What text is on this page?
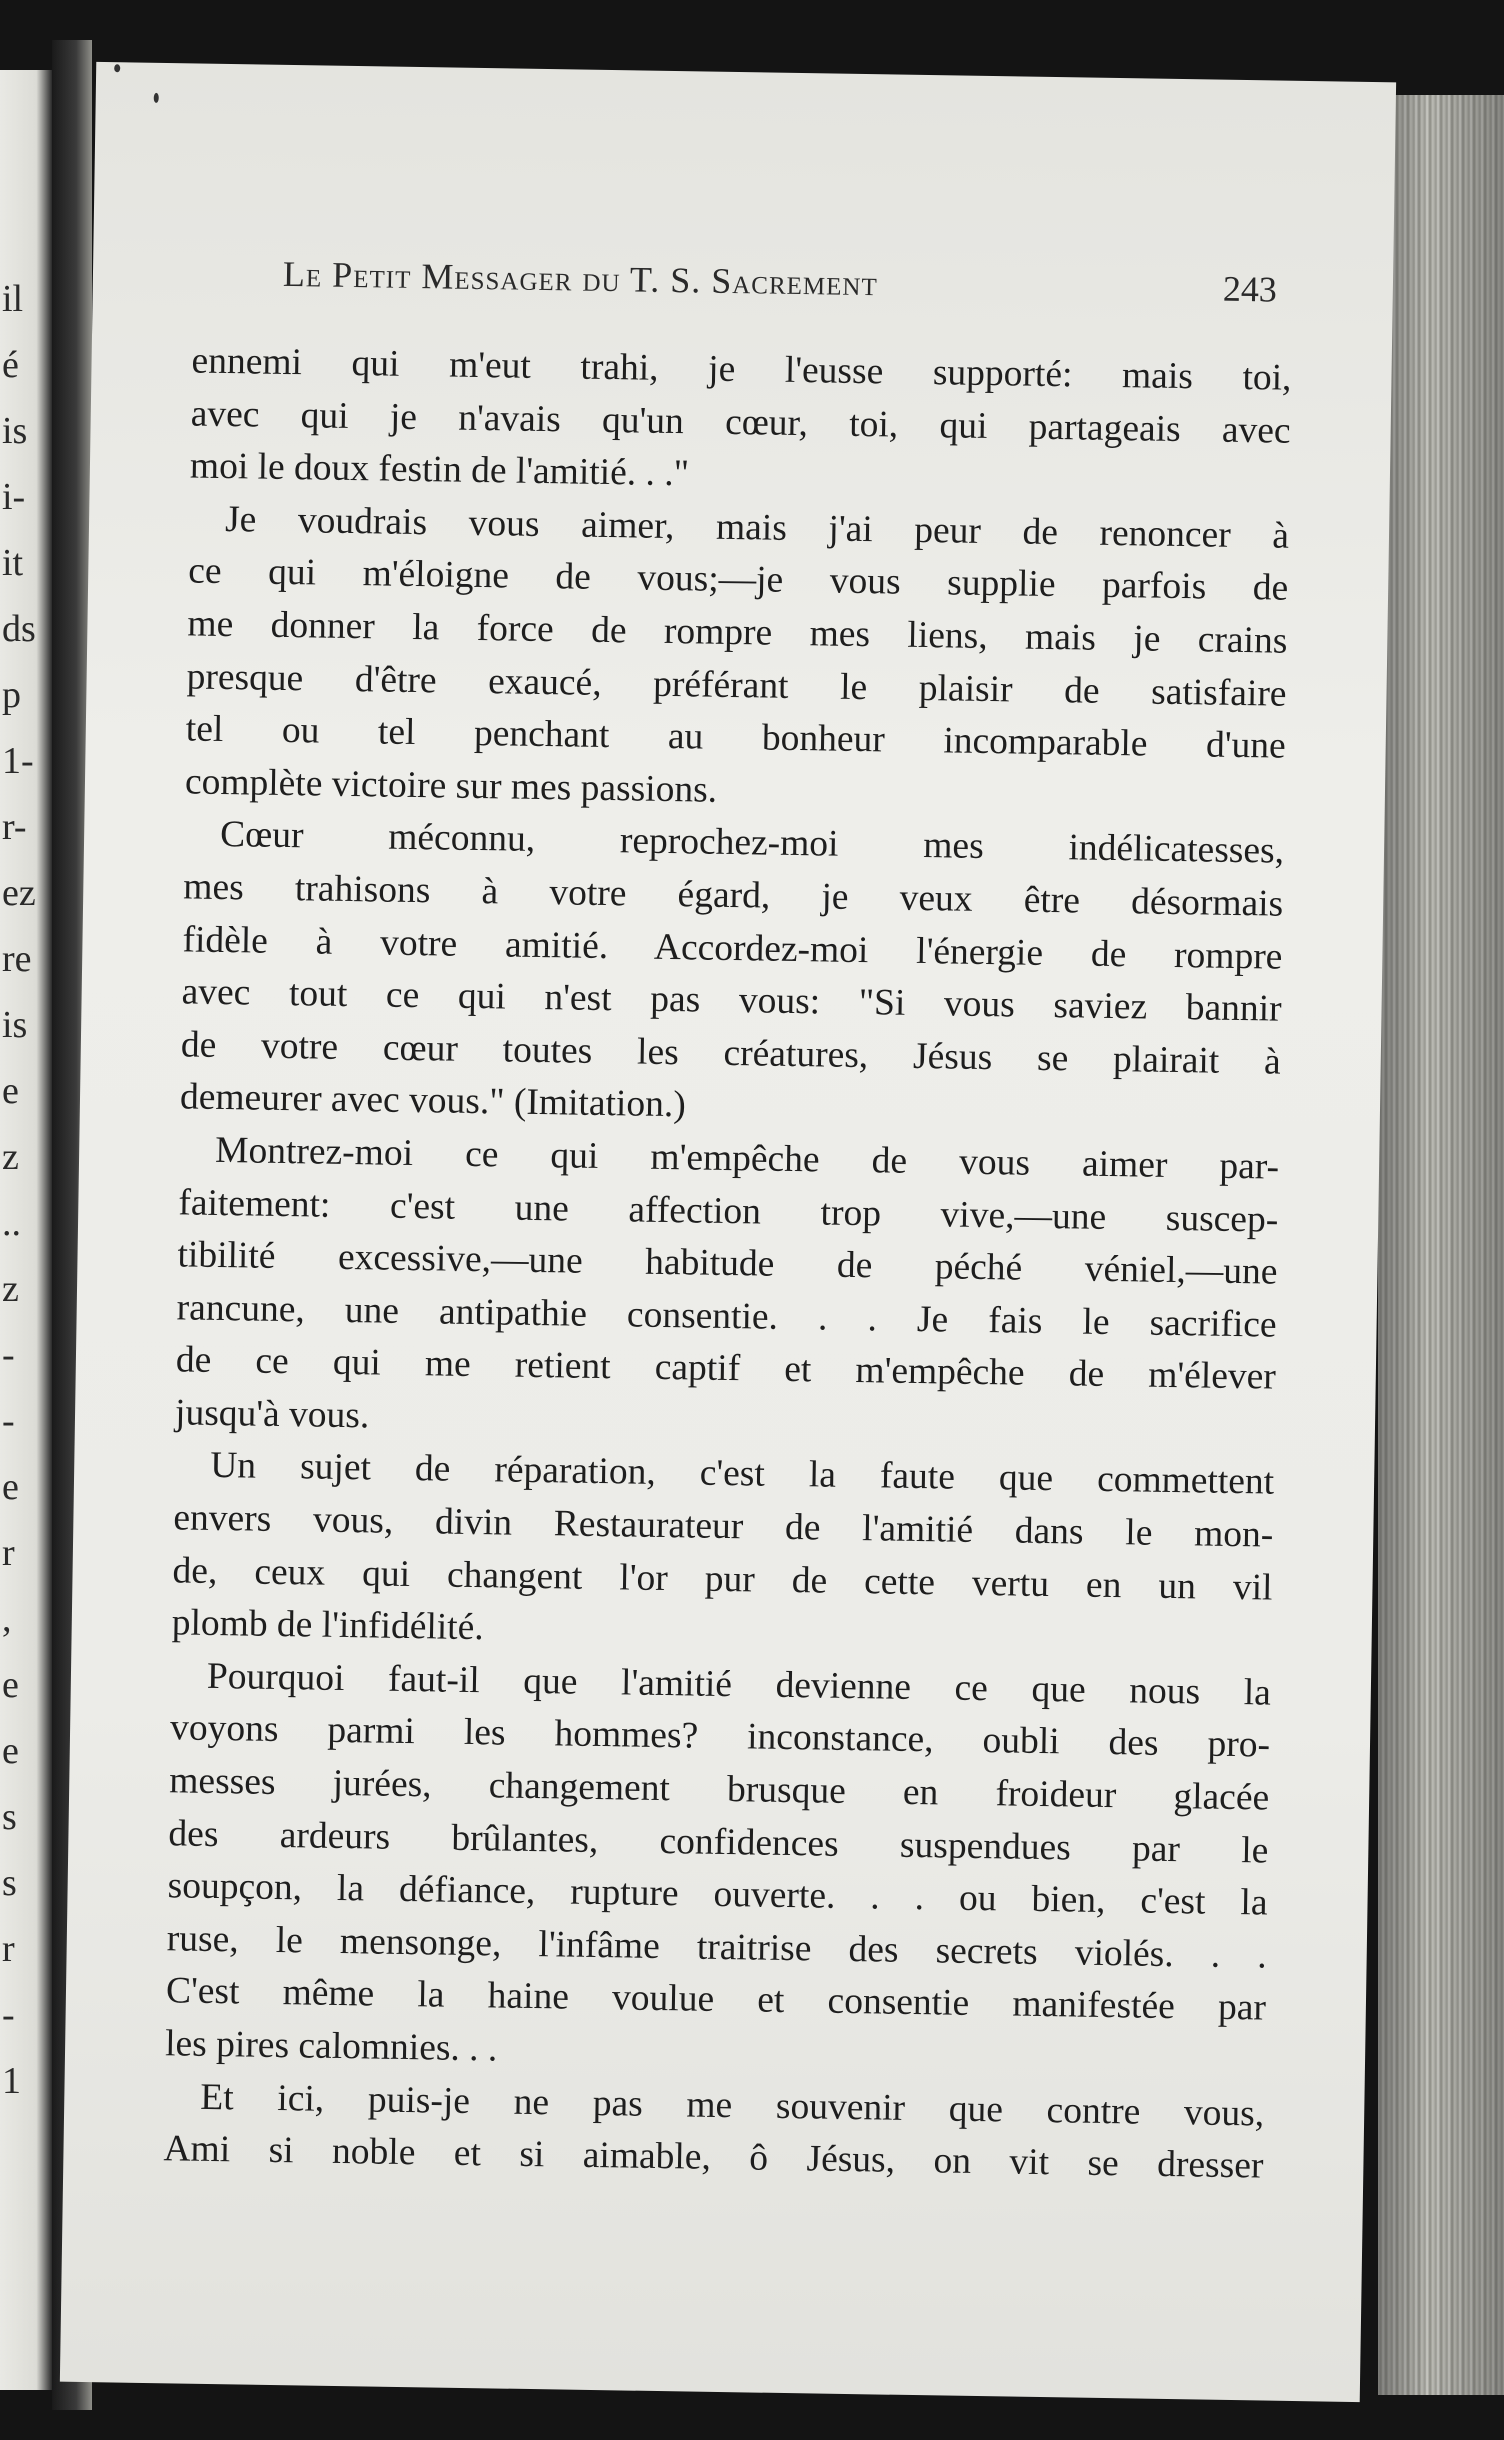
il
é
is
i-
it
ds
p
1-
r-
ez
re
is
e
z
..
z
-
-
e
r
,
e
e
s
s
r
-
1
Le Petit Messager du T. S. Sacrement	243
ennemi qui m'eut trahi, je l'eusse supporté: mais toi,
avec qui je n'avais qu'un cœur, toi, qui partageais avec
moi le doux festin de l'amitié. . ."
Je voudrais vous aimer, mais j'ai peur de renoncer à
ce qui m'éloigne de vous;—je vous supplie parfois de
me donner la force de rompre mes liens, mais je crains
presque d'être exaucé, préférant le plaisir de satisfaire
tel ou tel penchant au bonheur incomparable d'une
complète victoire sur mes passions.
Cœur méconnu, reprochez-moi mes indélicatesses,
mes trahisons à votre égard, je veux être désormais
fidèle à votre amitié. Accordez-moi l'énergie de rompre
avec tout ce qui n'est pas vous: "Si vous saviez bannir
de votre cœur toutes les créatures, Jésus se plairait à
demeurer avec vous." (Imitation.)
Montrez-moi ce qui m'empêche de vous aimer par-
faitement: c'est une affection trop vive,—une suscep-
tibilité excessive,—une habitude de péché véniel,—une
rancune, une antipathie consentie. . . Je fais le sacrifice
de ce qui me retient captif et m'empêche de m'élever
jusqu'à vous.
Un sujet de réparation, c'est la faute que commettent
envers vous, divin Restaurateur de l'amitié dans le mon-
de, ceux qui changent l'or pur de cette vertu en un vil
plomb de l'infidélité.
Pourquoi faut-il que l'amitié devienne ce que nous la
voyons parmi les hommes? inconstance, oubli des pro-
messes jurées, changement brusque en froideur glacée
des ardeurs brûlantes, confidences suspendues par le
soupçon, la défiance, rupture ouverte. . . ou bien, c'est la
ruse, le mensonge, l'infâme traitrise des secrets violés. . .
C'est même la haine voulue et consentie manifestée par
les pires calomnies. . .
Et ici, puis-je ne pas me souvenir que contre vous,
Ami si noble et si aimable, ô Jésus, on vit se dresser
